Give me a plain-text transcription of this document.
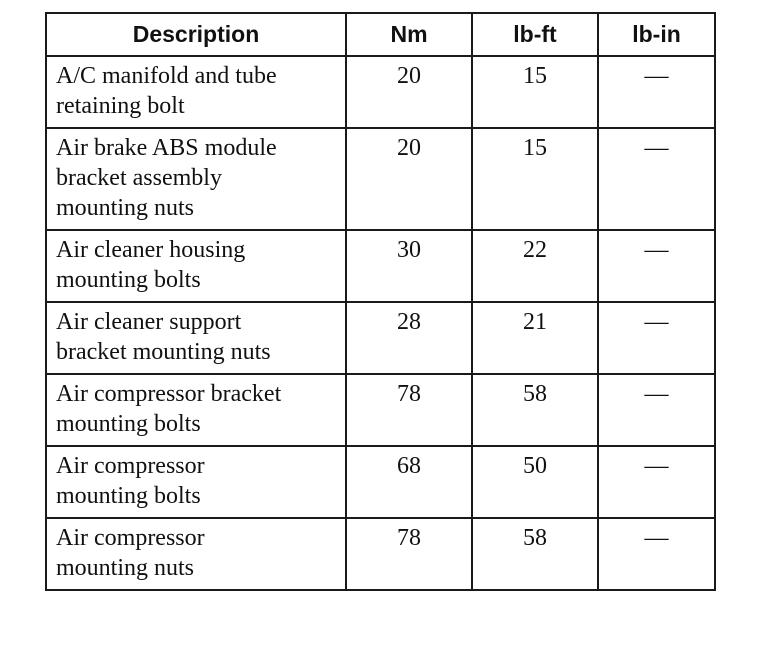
Description	Nm	lb-ft	lb-in

A/C manifold and tube
retaining bolt	20	15	—

Air brake ABS module
bracket assembly
mounting nuts	20	15	—

Air cleaner housing
mounting bolts	30	22	—

Air cleaner support
bracket mounting nuts	28	21	—

Air compressor bracket
mounting bolts	78	58	—

Air compressor
mounting bolts	68	50	—

Air compressor
mounting nuts	78	58	—
